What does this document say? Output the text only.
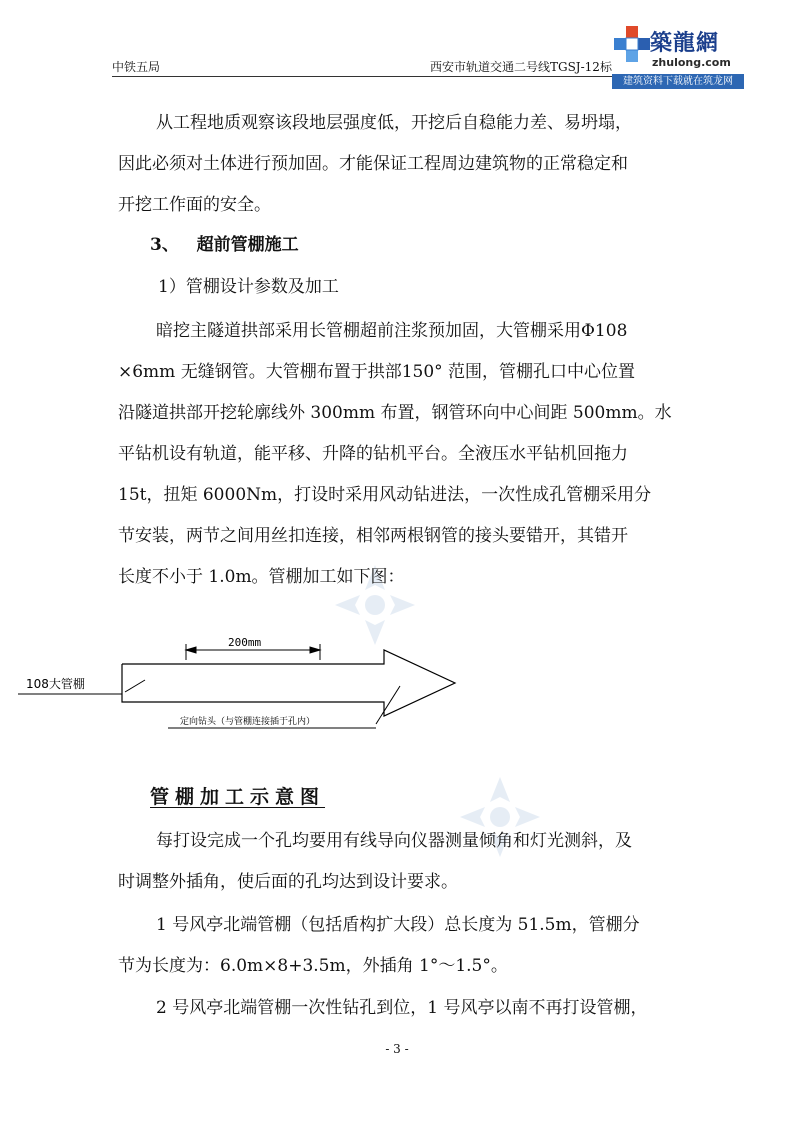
中铁五局	西安市轨道交通二号线TGSJ-12标
築龍網
zhulong.com
建筑资料下载就在筑龙网
从工程地质观察该段地层强度低，开挖后自稳能力差、易坍塌，
因此必须对土体进行预加固。才能保证工程周边建筑物的正常稳定和
开挖工作面的安全。
3、   超前管棚施工
1）管棚设计参数及加工
暗挖主隧道拱部采用长管棚超前注浆预加固，大管棚采用Φ108
×6mm 无缝钢管。大管棚布置于拱部150° 范围，管棚孔口中心位置
沿隧道拱部开挖轮廓线外 300mm 布置，钢管环向中心间距 500mm。水
平钻机设有轨道，能平移、升降的钻机平台。全液压水平钻机回拖力
15t，扭矩 6000Nm，打设时采用风动钻进法，一次性成孔管棚采用分
节安装，两节之间用丝扣连接，相邻两根钢管的接头要错开，其错开
长度不小于 1.0m。管棚加工如下图：
200mm
108大管棚
定向钻头（与管棚连接插于孔内）
管棚加工示意图
每打设完成一个孔均要用有线导向仪器测量倾角和灯光测斜，及
时调整外插角，使后面的孔均达到设计要求。
1 号风亭北端管棚（包括盾构扩大段）总长度为 51.5m，管棚分
节为长度为：6.0m×8+3.5m，外插角 1°～1.5°。
2 号风亭北端管棚一次性钻孔到位，1 号风亭以南不再打设管棚，
- 3 -
